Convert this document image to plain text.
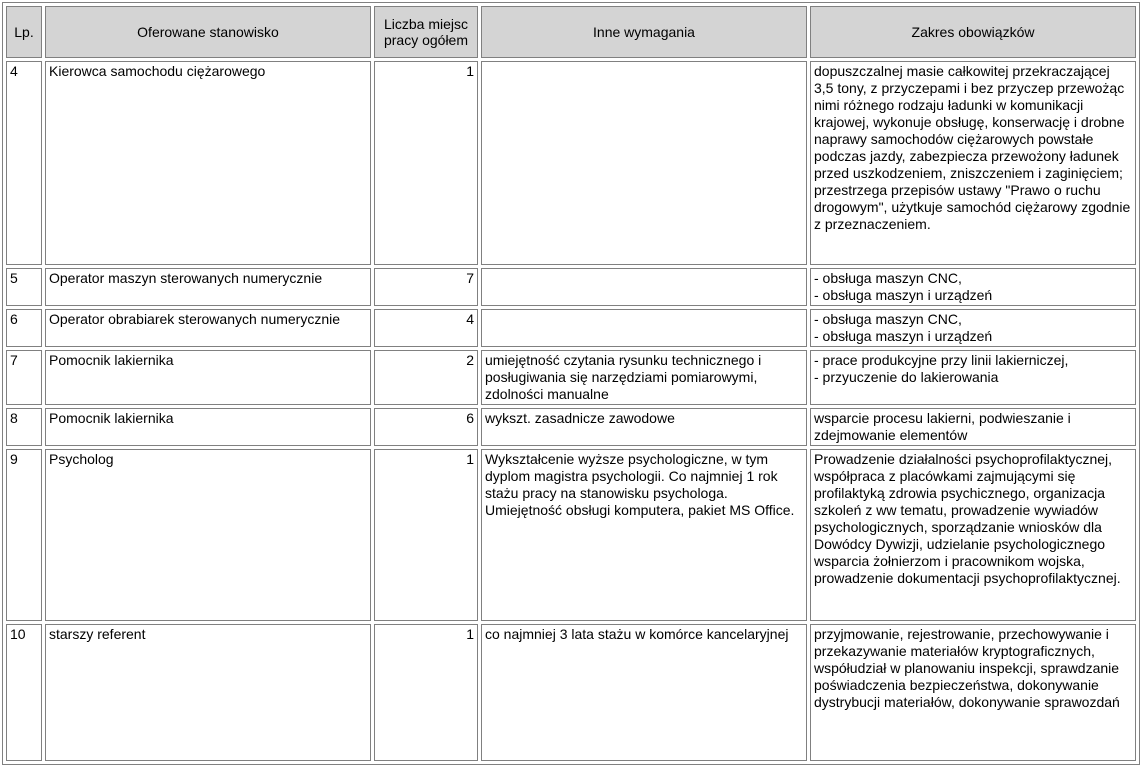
Lp.	Oferowane stanowisko	Liczba miejsc pracy ogółem	Inne wymagania	Zakres obowiązków
4	Kierowca samochodu ciężarowego	1		dopuszczalnej masie całkowitej przekraczającej 3,5 tony, z przyczepami i bez przyczep przewożąc nimi różnego rodzaju ładunki w komunikacji krajowej, wykonuje obsługę, konserwację i drobne naprawy samochodów ciężarowych powstałe podczas jazdy, zabezpiecza przewożony ładunek przed uszkodzeniem, zniszczeniem i zaginięciem; przestrzega przepisów ustawy "Prawo o ruchu drogowym", użytkuje samochód ciężarowy zgodnie z przeznaczeniem.
5	Operator maszyn sterowanych numerycznie	7		- obsługa maszyn CNC,
- obsługa maszyn i urządzeń
6	Operator obrabiarek sterowanych numerycznie	4		- obsługa maszyn CNC,
- obsługa maszyn i urządzeń
7	Pomocnik lakiernika	2	umiejętność czytania rysunku technicznego i posługiwania się narzędziami pomiarowymi, zdolności manualne	- prace produkcyjne przy linii lakierniczej,
- przyuczenie do lakierowania
8	Pomocnik lakiernika	6	wykszt. zasadnicze zawodowe	wsparcie procesu lakierni, podwieszanie i zdejmowanie elementów
9	Psycholog	1	Wykształcenie wyższe psychologiczne, w tym dyplom magistra psychologii. Co najmniej 1 rok stażu pracy na stanowisku psychologa. Umiejętność obsługi komputera, pakiet MS Office.	Prowadzenie działalności psychoprofilaktycznej, współpraca z placówkami zajmującymi się profilaktyką zdrowia psychicznego, organizacja szkoleń z ww tematu, prowadzenie wywiadów psychologicznych, sporządzanie wniosków dla Dowódcy Dywizji, udzielanie psychologicznego wsparcia żołnierzom i pracownikom wojska, prowadzenie dokumentacji psychoprofilaktycznej.
10	starszy referent	1	co najmniej 3 lata stażu w komórce kancelaryjnej	przyjmowanie, rejestrowanie, przechowywanie i przekazywanie materiałów kryptograficznych, współudział w planowaniu inspekcji, sprawdzanie poświadczenia bezpieczeństwa, dokonywanie dystrybucji materiałów, dokonywanie sprawozdań
